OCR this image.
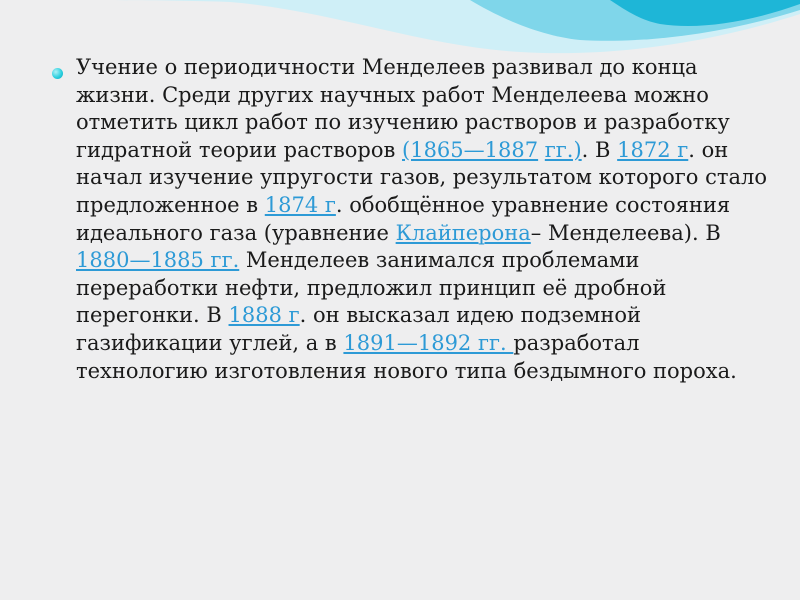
Учение о периодичности Менделеев развивал до конца жизни. Среди других научных работ Менделеева можно отметить цикл работ по изучению растворов и разработку гидратной теории растворов (1865—1887 гг.). В 1872 г. он начал изучение упругости газов, результатом которого стало предложенное в 1874 г. обобщённое уравнение состояния идеального газа (уравнение Клайперона– Менделеева). В 1880—1885 гг. Менделеев занимался проблемами переработки нефти, предложил принцип её дробной перегонки. В 1888 г. он высказал идею подземной газификации углей, а в 1891—1892 гг. разработал технологию изготовления нового типа бездымного пороха.
